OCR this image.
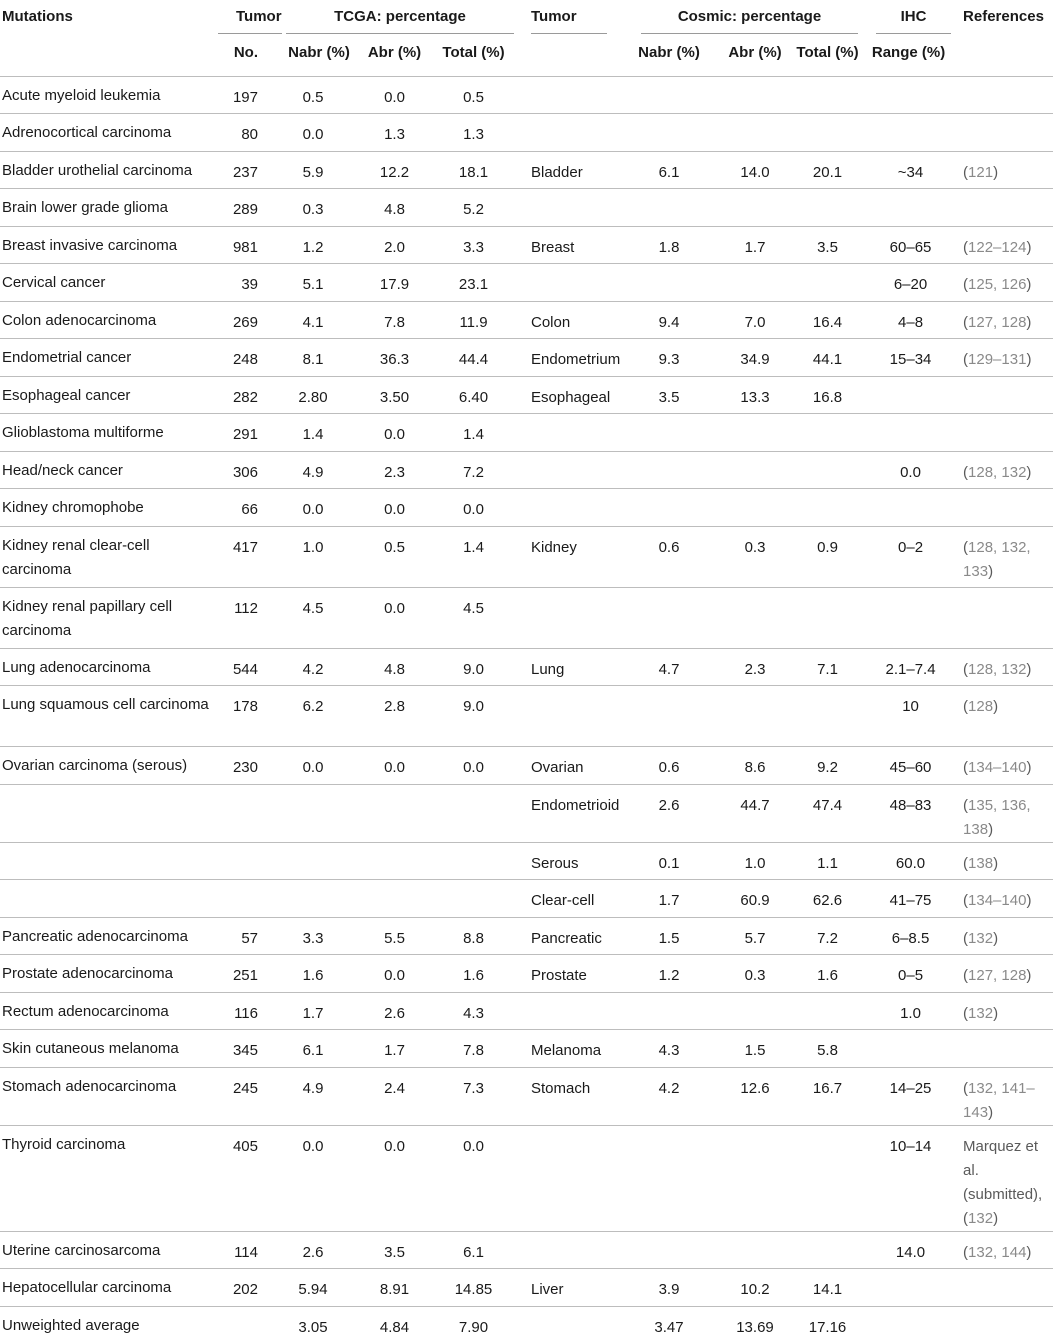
Mutations	Tumor	TCGA: percentage			Tumor	Cosmic: percentage			IHC	References
	No.	Nabr (%)	Abr (%)	Total (%)		Nabr (%)	Abr (%)	Total (%)	Range (%)	
Acute myeloid leukemia	197	0.5	0.0	0.5						
Adrenocortical carcinoma	80	0.0	1.3	1.3						
Bladder urothelial carcinoma	237	5.9	12.2	18.1	Bladder	6.1	14.0	20.1	~34	(121)
Brain lower grade glioma	289	0.3	4.8	5.2						
Breast invasive carcinoma	981	1.2	2.0	3.3	Breast	1.8	1.7	3.5	60–65	(122–124)
Cervical cancer	39	5.1	17.9	23.1					6–20	(125, 126)
Colon adenocarcinoma	269	4.1	7.8	11.9	Colon	9.4	7.0	16.4	4–8	(127, 128)
Endometrial cancer	248	8.1	36.3	44.4	Endometrium	9.3	34.9	44.1	15–34	(129–131)
Esophageal cancer	282	2.80	3.50	6.40	Esophageal	3.5	13.3	16.8		
Glioblastoma multiforme	291	1.4	0.0	1.4						
Head/neck cancer	306	4.9	2.3	7.2					0.0	(128, 132)
Kidney chromophobe	66	0.0	0.0	0.0						
Kidney renal clear-cell carcinoma	417	1.0	0.5	1.4	Kidney	0.6	0.3	0.9	0–2	(128, 132, 133)
Kidney renal papillary cell carcinoma	112	4.5	0.0	4.5						
Lung adenocarcinoma	544	4.2	4.8	9.0	Lung	4.7	2.3	7.1	2.1–7.4	(128, 132)
Lung squamous cell carcinoma	178	6.2	2.8	9.0					10	(128)
Ovarian carcinoma (serous)	230	0.0	0.0	0.0	Ovarian	0.6	8.6	9.2	45–60	(134–140)
					Endometrioid	2.6	44.7	47.4	48–83	(135, 136, 138)
					Serous	0.1	1.0	1.1	60.0	(138)
					Clear-cell	1.7	60.9	62.6	41–75	(134–140)
Pancreatic adenocarcinoma	57	3.3	5.5	8.8	Pancreatic	1.5	5.7	7.2	6–8.5	(132)
Prostate adenocarcinoma	251	1.6	0.0	1.6	Prostate	1.2	0.3	1.6	0–5	(127, 128)
Rectum adenocarcinoma	116	1.7	2.6	4.3					1.0	(132)
Skin cutaneous melanoma	345	6.1	1.7	7.8	Melanoma	4.3	1.5	5.8		
Stomach adenocarcinoma	245	4.9	2.4	7.3	Stomach	4.2	12.6	16.7	14–25	(132, 141–143)
Thyroid carcinoma	405	0.0	0.0	0.0					10–14	Marquez et al. (submitted), (132)
Uterine carcinosarcoma	114	2.6	3.5	6.1					14.0	(132, 144)
Hepatocellular carcinoma	202	5.94	8.91	14.85	Liver	3.9	10.2	14.1		
Unweighted average		3.05	4.84	7.90		3.47	13.69	17.16		
